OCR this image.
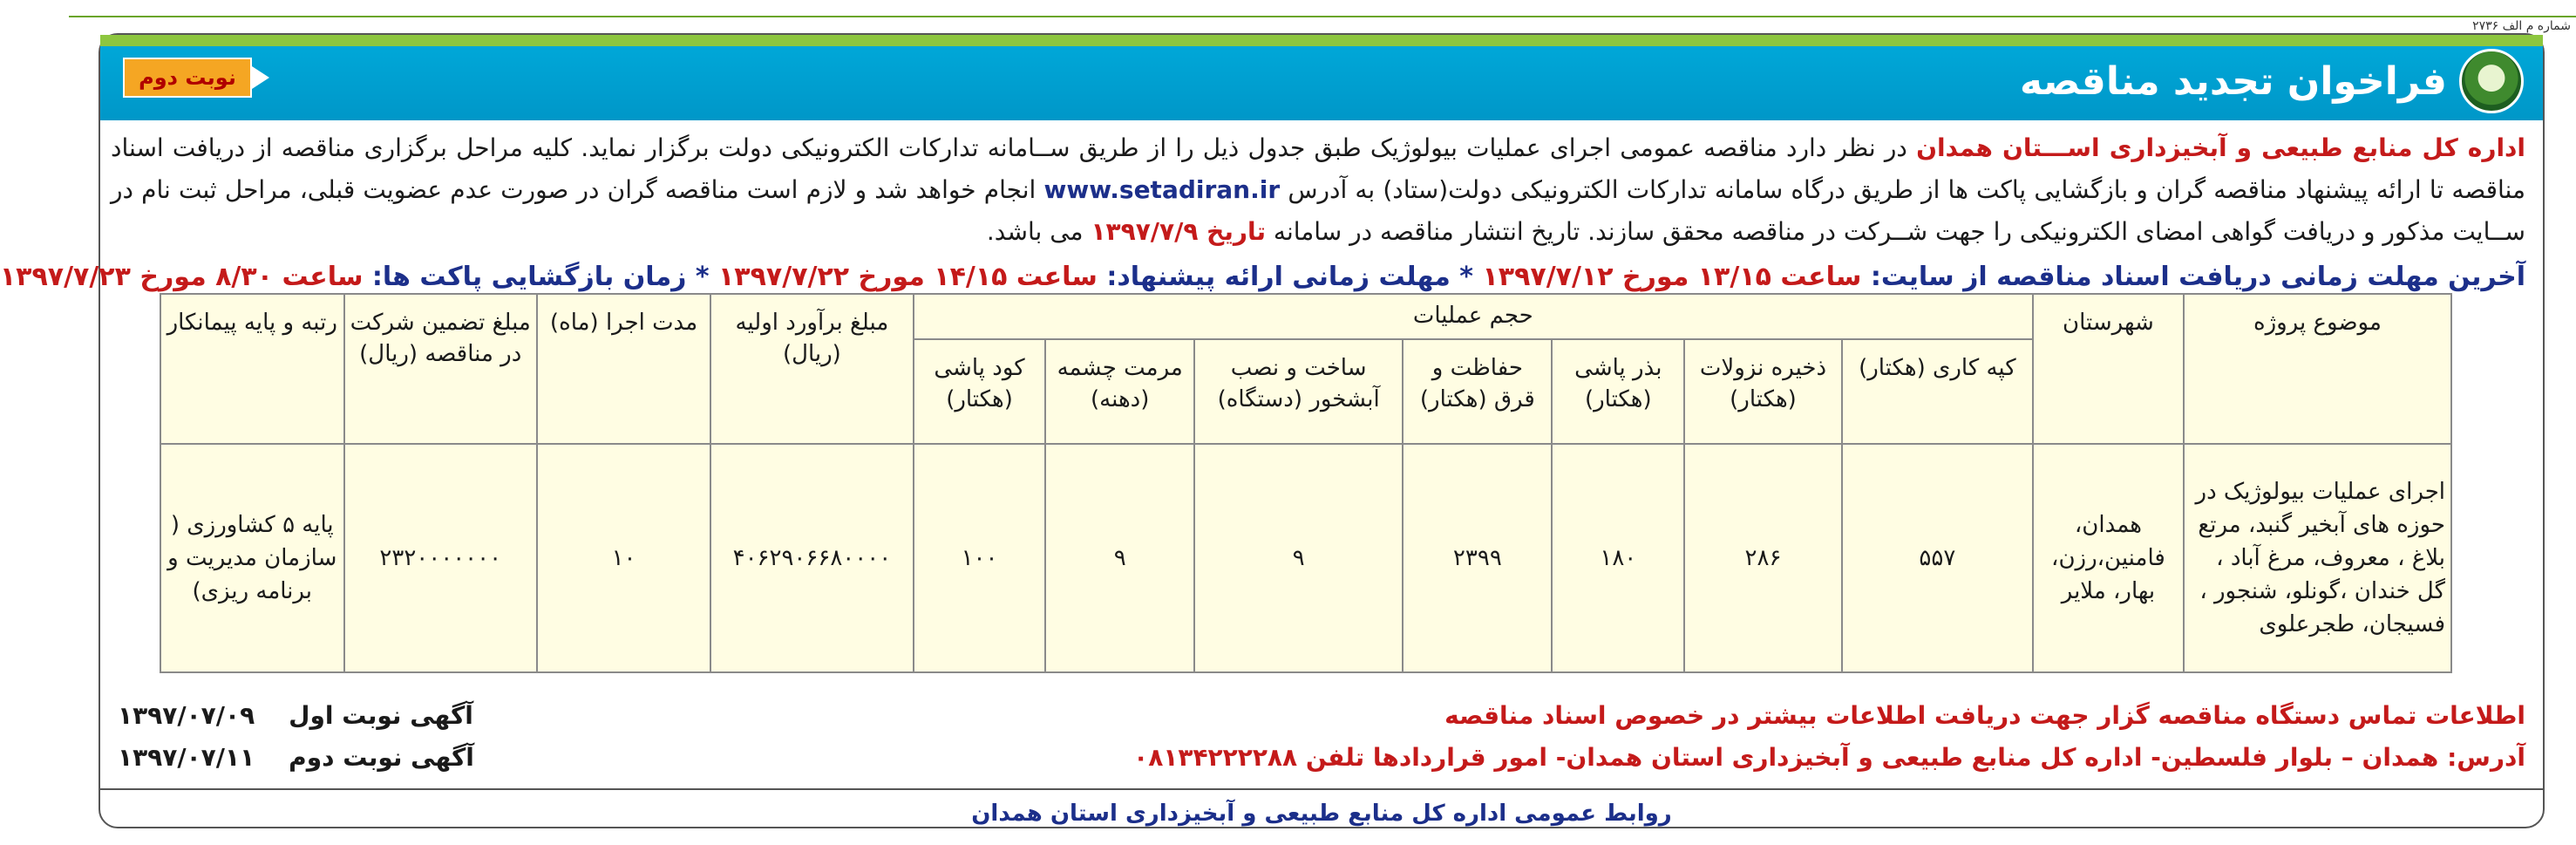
شماره م الف ۲۷۳۶
فراخوان تجدید مناقصه
نوبت دوم
اداره کل منابع طبیعی و آبخیزداری اســـتان همدان در نظر دارد مناقصه عمومی اجرای عملیات بیولوژیک طبق جدول ذیل را از طریق ســامانه تدارکات الکترونیکی دولت برگزار نماید. کلیه مراحل برگزاری مناقصه از دریافت اسناد مناقصه تا ارائه پیشنهاد مناقصه گران و بازگشایی پاکت ها از طریق درگاه سامانه تدارکات الکترونیکی دولت(ستاد) به آدرس www.setadiran.ir انجام خواهد شد و لازم است مناقصه گران در صورت عدم عضویت قبلی، مراحل ثبت نام در ســایت مذکور و دریافت گواهی امضای الکترونیکی را جهت شــرکت در مناقصه محقق سازند. تاریخ انتشار مناقصه در سامانه تاریخ ۱۳۹۷/۷/۹ می باشد.
آخرین مهلت زمانی دریافت اسناد مناقصه از سایت: ساعت ۱۳/۱۵ مورخ ۱۳۹۷/۷/۱۲ * مهلت زمانی ارائه پیشنهاد: ساعت ۱۴/۱۵ مورخ ۱۳۹۷/۷/۲۲ * زمان بازگشایی پاکت ها: ساعت ۸/۳۰ مورخ ۱۳۹۷/۷/۲۳
موضوع پروژه	شهرستان	حجم عملیات							مبلغ برآورد اولیه (ریال)	مدت اجرا (ماه)	مبلغ تضمین شرکت در مناقصه (ریال)	رتبه و پایه پیمانکار
		کپه کاری (هکتار)	ذخیره نزولات (هکتار)	بذر پاشی (هکتار)	حفاظت و قرق (هکتار)	ساخت و نصب آبشخور (دستگاه)	مرمت چشمه (دهنه)	کود پاشی (هکتار)				
اجرای عملیات بیولوژیک در حوزه های آبخیر گنبد، مرتع بلاغ ، معروف، مرغ آباد ، گل خندان ،گونلو، شنجور ، فسیجان، طجرعلوی	همدان، فامنین،رزن، بهار، ملایر	۵۵۷	۲۸۶	۱۸۰	۲۳۹۹	۹	۹	۱۰۰	۴۰۶۲۹۰۶۶۸۰۰۰۰	۱۰	۲۳۲۰۰۰۰۰۰۰	پایه ۵ کشاورزی ( سازمان مدیریت و برنامه ریزی)
اطلاعات تماس دستگاه مناقصه گزار جهت دریافت اطلاعات بیشتر در خصوص اسناد مناقصه
آدرس: همدان – بلوار فلسطین- اداره کل منابع طبیعی و آبخیزداری استان همدان- امور قراردادها تلفن ۰۸۱۳۴۲۲۲۲۸۸
آگهی نوبت اول    ۱۳۹۷/۰۷/۰۹
آگهی نوبت دوم    ۱۳۹۷/۰۷/۱۱
روابط عمومی اداره کل منابع طبیعی و آبخیزداری استان همدان
